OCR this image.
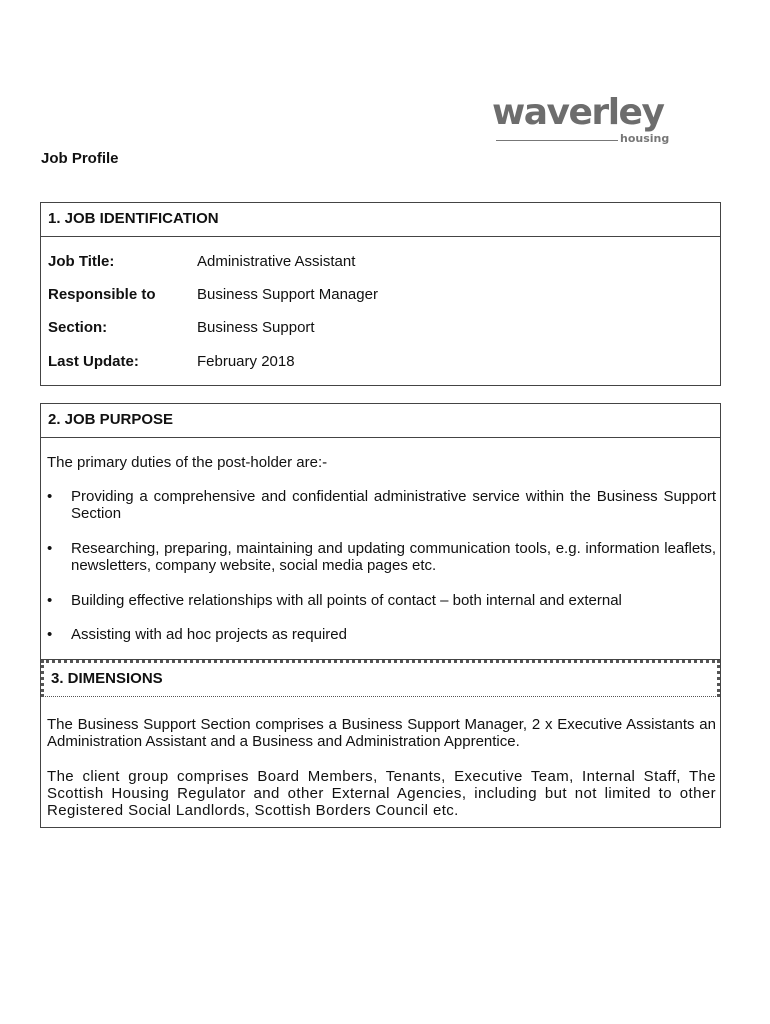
waverley
housing
Job Profile
1. JOB IDENTIFICATION
Job Title:	Administrative Assistant
Responsible to	Business Support Manager
Section:	Business Support
Last Update:	February 2018
2. JOB PURPOSE
The primary duties of the post-holder are:-
• Providing a comprehensive and confidential administrative service within the Business Support Section
• Researching, preparing, maintaining and updating communication tools, e.g. information leaflets, newsletters, company website, social media pages etc.
• Building effective relationships with all points of contact – both internal and external
• Assisting with ad hoc projects as required
3. DIMENSIONS
The Business Support Section comprises a Business Support Manager, 2 x Executive Assistants an Administration Assistant and a Business and Administration Apprentice.
The client group comprises Board Members, Tenants, Executive Team, Internal Staff, The Scottish Housing Regulator and other External Agencies, including but not limited to other Registered Social Landlords, Scottish Borders Council etc.
